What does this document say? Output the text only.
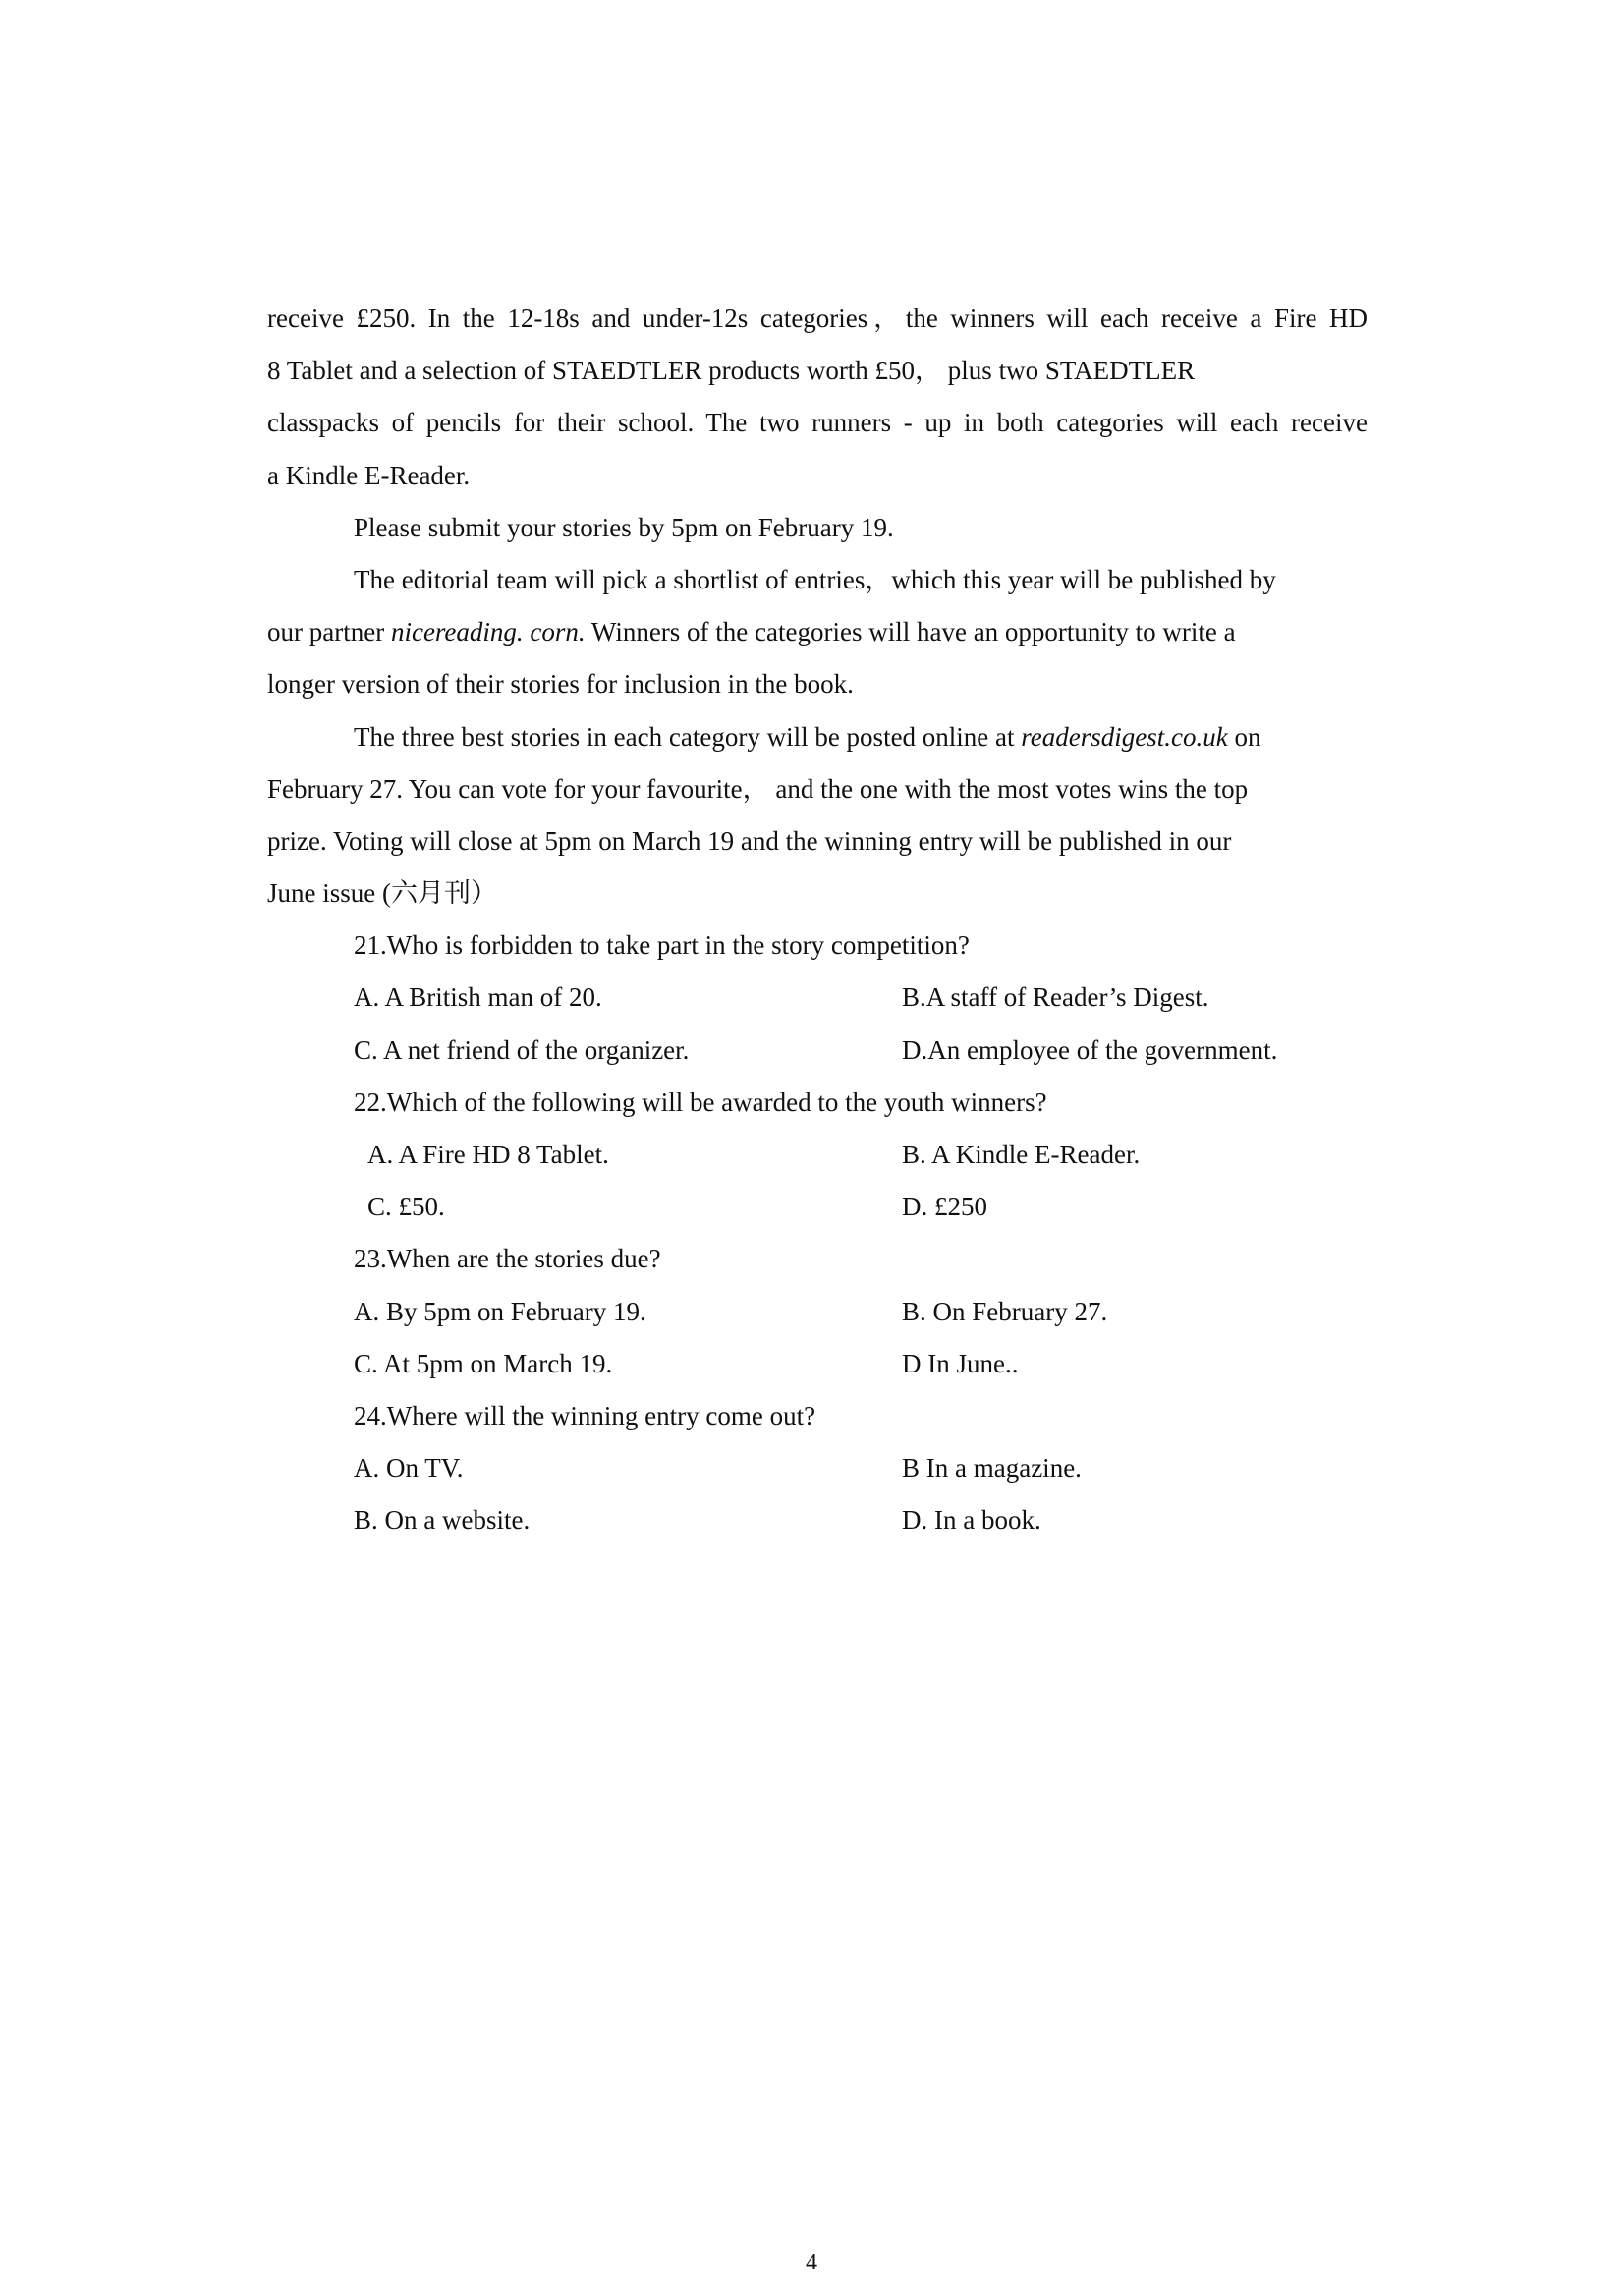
receive £250. In the 12-18s and under-12s categories，the winners will each receive a Fire HD
8 Tablet and a selection of STAEDTLER products worth £50， plus two STAEDTLER
classpacks of pencils for their school. The two runners - up in both categories will each receive
a Kindle E-Reader.
Please submit your stories by 5pm on February 19.
The editorial team will pick a shortlist of entries，which this year will be published by
our partner nicereading. corn. Winners of the categories will have an opportunity to write a
longer version of their stories for inclusion in the book.
The three best stories in each category will be posted online at readersdigest.co.uk on
February 27. You can vote for your favourite， and the one with the most votes wins the top
prize. Voting will close at 5pm on March 19 and the winning entry will be published in our
June issue (六月刊）
21.Who is forbidden to take part in the story competition?
A. A British man of 20.	B.A staff of Reader’s Digest.
C. A net friend of the organizer.	D.An employee of the government.
22.Which of the following will be awarded to the youth winners?
A. A Fire HD 8 Tablet.	B. A Kindle E-Reader.
C. £50.	D. £250
23.When are the stories due?
A. By 5pm on February 19.	B. On February 27.
C. At 5pm on March 19.	D In June..
24.Where will the winning entry come out?
A. On TV.	B In a magazine.
B. On a website.	D. In a book.
4
